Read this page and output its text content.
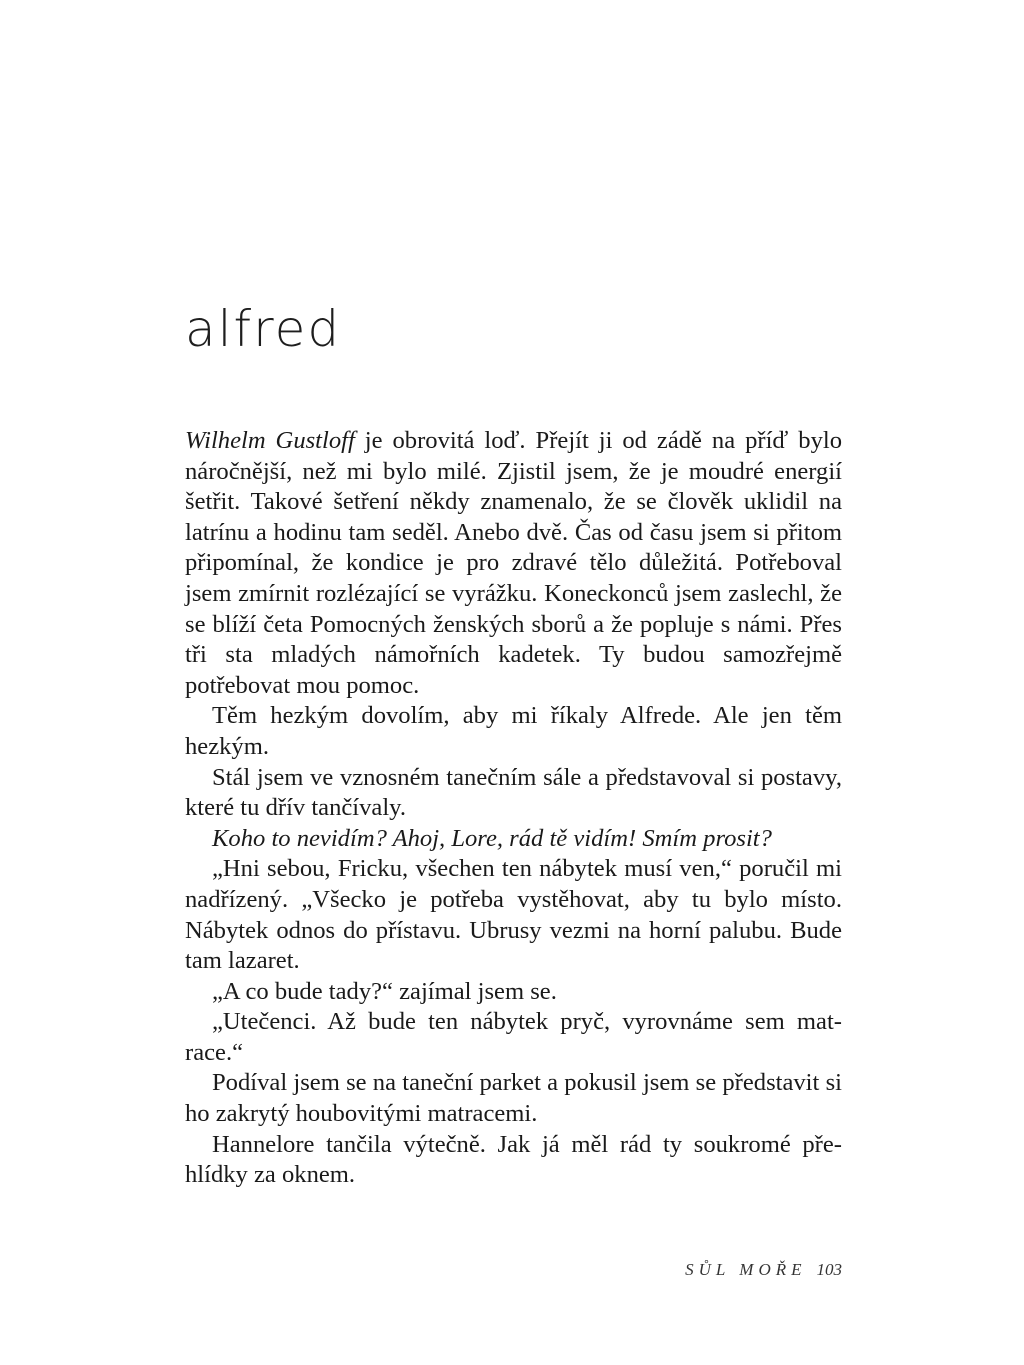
alfred

Wilhelm Gustloff je obrovitá loď. Přejít ji od zádě na příď bylo náročnější, než mi bylo milé. Zjistil jsem, že je moudré energií šetřit. Takové šetření někdy znamenalo, že se člověk uklidil na latrínu a hodinu tam seděl. Anebo dvě. Čas od času jsem si přitom připomínal, že kondice je pro zdravé tělo důležitá. Potřeboval jsem zmírnit rozlézající se vyrážku. Koneckonců jsem zaslechl, že se blíží četa Pomocných ženských sborů a že popluje s námi. Přes tři sta mladých námořních kadetek. Ty budou samozřejmě potřebovat mou pomoc.

Těm hezkým dovolím, aby mi říkaly Alfrede. Ale jen těm hezkým.

Stál jsem ve vznosném tanečním sále a představoval si postavy, které tu dřív tančívaly.

Koho to nevidím? Ahoj, Lore, rád tě vidím! Smím prosit?

„Hni sebou, Fricku, všechen ten nábytek musí ven,“ poručil mi nadřízený. „Všecko je potřeba vystěhovat, aby tu bylo místo. Nábytek odnos do přístavu. Ubrusy vezmi na horní palubu. Bude tam lazaret.

„A co bude tady?“ zajímal jsem se.

„Utečenci. Až bude ten nábytek pryč, vyrovnáme sem matrace.“

Podíval jsem se na taneční parket a pokusil jsem se představit si ho zakrytý houbovitými matracemi.

Hannelore tančila výtečně. Jak já měl rád ty soukromé přehlídky za oknem.

SŮL MOŘE 103
